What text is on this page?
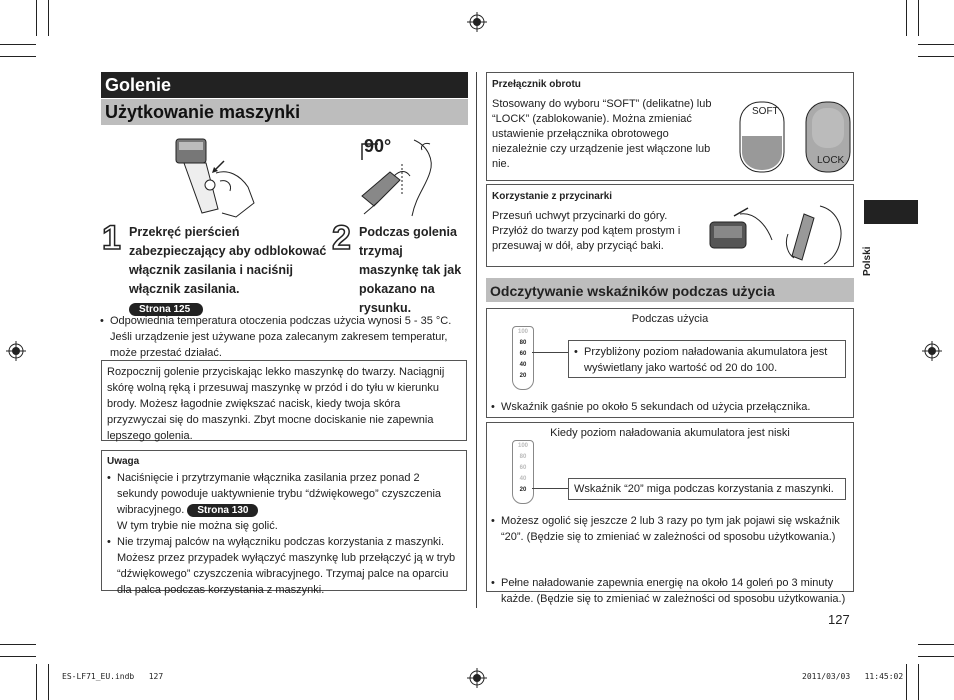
Golenie
Użytkowanie maszynki
90°
1 Przekręć pierścień zabezpieczający aby odblokować włącznik zasilania i naciśnij włącznik zasilania.
Strona 125
2 Podczas golenia trzymaj maszynkę tak jak pokazano na rysunku.
• Odpowiednia temperatura otoczenia podczas użycia wynosi 5 - 35 °C. Jeśli urządzenie jest używane poza zalecanym zakresem temperatur, może przestać działać.
Rozpocznij golenie przyciskając lekko maszynkę do twarzy. Naciągnij skórę wolną ręką i przesuwaj maszynkę w przód i do tyłu w kierunku brody. Możesz łagodnie zwiększać nacisk, kiedy twoja skóra przyzwyczai się do maszynki. Zbyt mocne dociskanie nie zapewnia lepszego golenia.
Uwaga
• Naciśnięcie i przytrzymanie włącznika zasilania przez ponad 2 sekundy powoduje uaktywnienie trybu “dźwiękowego” czyszczenia wibracyjnego. Strona 130
W tym trybie nie można się golić.
• Nie trzymaj palców na wyłączniku podczas korzystania z maszynki. Możesz przez przypadek wyłączyć maszynkę lub przełączyć ją w tryb “dźwiękowego” czyszczenia wibracyjnego. Trzymaj palce na oparciu dla palca podczas korzystania z maszynki.
Przełącznik obrotu
Stosowany do wyboru “SOFT” (delikatne) lub “LOCK” (zablokowanie). Można zmieniać ustawienie przełącznika obrotowego niezależnie czy urządzenie jest włączone lub nie.
SOFT
LOCK
Korzystanie z przycinarki
Przesuń uchwyt przycinarki do góry. Przyłóż do twarzy pod kątem prostym i przesuwaj w dół, aby przyciąć baki.
Odczytywanie wskaźników podczas użycia
Podczas użycia
• Wskaźnik gaśnie po około 5 sekundach od użycia przełącznika.
100
80
60
40
20
• Przybliżony poziom naładowania akumulatora jest wyświetlany jako wartość od 20 do 100.
Kiedy poziom naładowania akumulatora jest niski
• Możesz ogolić się jeszcze 2 lub 3 razy po tym jak pojawi się wskaźnik “20”. (Będzie się to zmieniać w zależności od sposobu użytkowania.)
• Pełne naładowanie zapewnia energię na około 14 goleń po 3 minuty każde. (Będzie się to zmieniać w zależności od sposobu użytkowania.)
100
80
60
40
20	Wskaźnik “20” miga podczas korzystania z maszynki.
Polski
127
ES-LF71_EU.indb   127	2011/03/03   11:45:02
